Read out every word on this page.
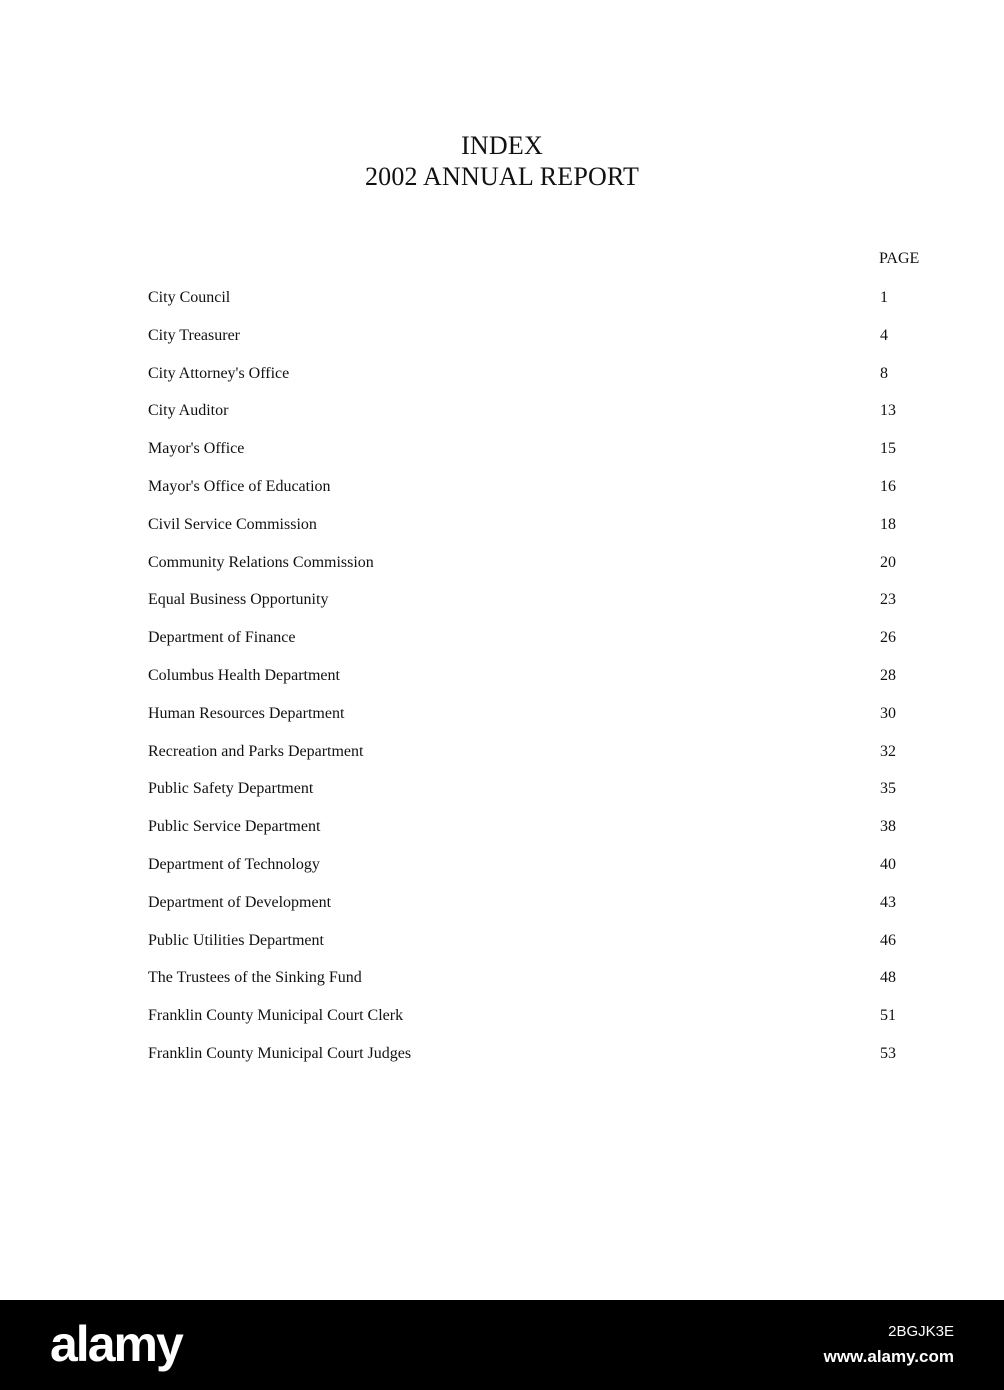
INDEX
2002 ANNUAL REPORT
PAGE
City Council	1
City Treasurer	4
City Attorney's Office	8
City Auditor	13
Mayor's Office	15
Mayor's Office of Education	16
Civil Service Commission	18
Community Relations Commission	20
Equal Business Opportunity	23
Department of Finance	26
Columbus Health Department	28
Human Resources Department	30
Recreation and Parks Department	32
Public Safety Department	35
Public Service Department	38
Department of Technology	40
Department of Development	43
Public Utilities Department	46
The Trustees of the Sinking Fund	48
Franklin County Municipal Court Clerk	51
Franklin County Municipal Court Judges	53
alamy	2BGJK3E
www.alamy.com
